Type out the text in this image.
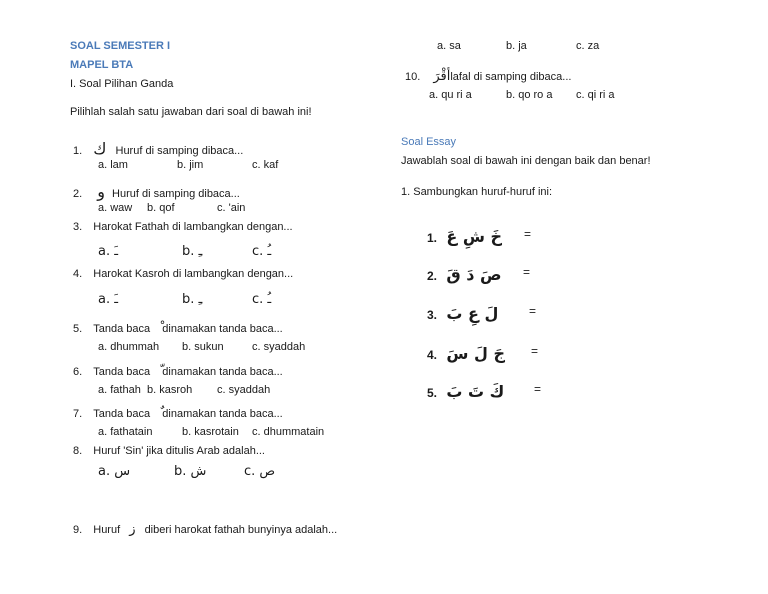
SOAL SEMESTER I
MAPEL BTA
I. Soal Pilihan Ganda
Pilihlah salah satu jawaban dari soal di bawah ini!
1. ك Huruf di samping dibaca...
a. lam	b. jim	c. kaf
2. و Huruf di samping dibaca...
a. waw b. qof	c. 'ain
3. Harokat Fathah di lambangkan dengan...
a. ـَ	b. ـِ	c. ـُ
4. Harokat Kasroh di lambangkan dengan...
a. ـَ	b. ـِ	c. ـُ
5. Tanda baca dinamakan tanda baca...
a. dhummah b. sukun	c. syaddah
6. Tanda baca dinamakan tanda baca...
a. fathah b. kasroh c. syaddah
7. Tanda baca dinamakan tanda baca...
a. fathatain	b. kasrotain c. dhummatain
8. Huruf 'Sin' jika ditulis Arab adalah...
a. س	b. ش	c. ص
9. Huruf ز diberi harokat fathah bunyinya adalah...
a. sa	b. ja	c. za
10. أقْرَlafal di samping dibaca...
a. qu ri a	b. qo ro a c. qi ri a
Soal Essay
Jawablah soal di bawah ini dengan baik dan benar!
1. Sambungkan huruf-huruf ini:
1. خَ شِ عَ =
2. صَ دَ قَ =
3. لَ عِ بَ	=
4. جَ لَ سَ =
5. كَ تَ بَ =
